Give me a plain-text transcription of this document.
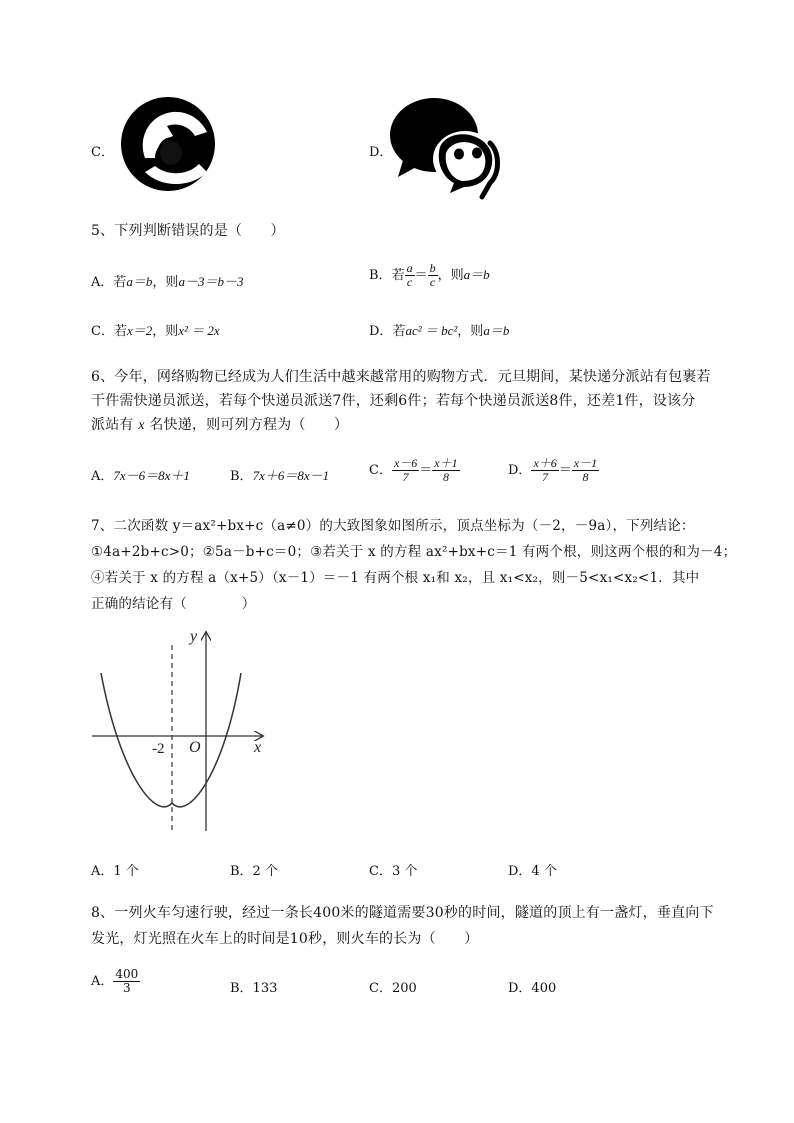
C．	D．
5、下列判断错误的是（　　）
A．若a＝b，则a－3＝b－3	B．若 $\frac{a}{c} = \frac{b}{c}$ ，则a＝b
C．若x＝2，则x² ＝ 2x	D．若ac² ＝ bc²，则a＝b
6、今年，网络购物已经成为人们生活中越来越常用的购物方式．元旦期间，某快递分派站有包裹若
干件需快递员派送，若每个快递员派送7件，还剩6件；若每个快递员派送8件，还差1件，设该分
派站有 x 名快递，则可列方程为（　　）
A．7x－6＝8x＋1	B．7x＋6＝8x－1	C． $\frac{x-6}{7} = \frac{x+1}{8}$	D． $\frac{x+6}{7} = \frac{x-1}{8}$
7、二次函数 y＝ax²+bx+c（a≠0）的大致图象如图所示，顶点坐标为（－2，－9a），下列结论：
①4a+2b+c>0；②5a－b+c＝0；③若关于 x 的方程 ax²+bx+c＝1 有两个根，则这两个根的和为－4；
④若关于 x 的方程 a（x+5）（x－1）＝－1 有两个根 x₁和 x₂，且 x₁<x₂，则－5<x₁<x₂<1．其中
正确的结论有（　　　　）
y
x
O
-2
A．1 个	B．2 个	C．3 个	D．4 个
8、一列火车匀速行驶，经过一条长400米的隧道需要30秒的时间，隧道的顶上有一盏灯，垂直向下
发光，灯光照在火车上的时间是10秒，则火车的长为（　　）
A． $\frac{400}{3}$	B．133	C．200	D．400
